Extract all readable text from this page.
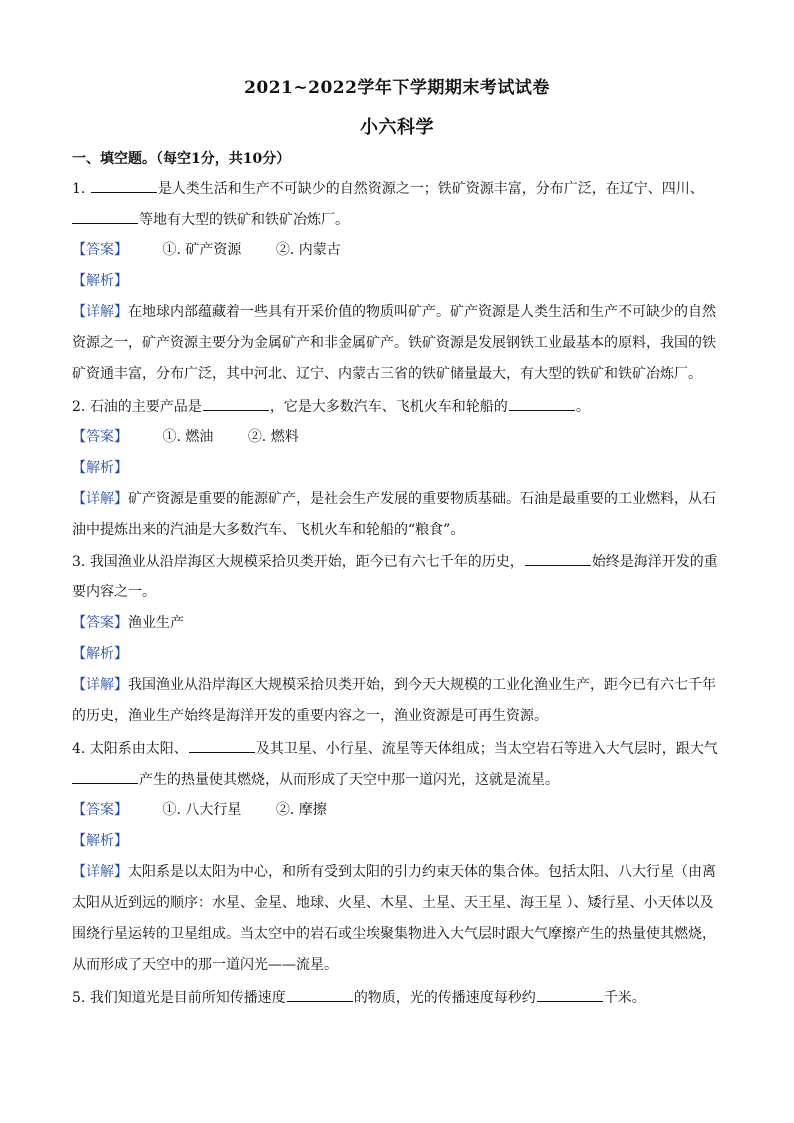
2021~2022学年下学期期末考试试卷
小六科学
一、填空题。（每空1分，共10分）
1.	是人类生活和生产不可缺少的自然资源之一；铁矿资源丰富，分布广泛，在辽宁、四川、
等地有大型的铁矿和铁矿冶炼厂。
【答案】 ①. 矿产资源 ②. 内蒙古
【解析】
【详解】在地球内部蕴藏着一些具有开采价值的物质叫矿产。矿产资源是人类生活和生产不可缺少的自然
资源之一，矿产资源主要分为金属矿产和非金属矿产。铁矿资源是发展钢铁工业最基本的原料，我国的铁
矿资通丰富，分布广泛，其中河北、辽宁、内蒙古三省的铁矿储量最大，有大型的铁矿和铁矿冶炼厂。
2. 石油的主要产品是	，它是大多数汽车、飞机火车和轮船的	。
【答案】 ①. 燃油 ②. 燃料
【解析】
【详解】矿产资源是重要的能源矿产，是社会生产发展的重要物质基础。石油是最重要的工业燃料，从石
油中提炼出来的汽油是大多数汽车、飞机火车和轮船的“粮食”。
3. 我国渔业从沿岸海区大规模采拾贝类开始，距今已有六七千年的历史，	始终是海洋开发的重
要内容之一。
【答案】渔业生产
【解析】
【详解】我国渔业从沿岸海区大规模采拾贝类开始，到今天大规模的工业化渔业生产，距今已有六七千年
的历史，渔业生产始终是海洋开发的重要内容之一，渔业资源是可再生资源。
4. 太阳系由太阳、	及其卫星、小行星、流星等天体组成；当太空岩石等进入大气层时，跟大气
产生的热量使其燃烧，从而形成了天空中那一道闪光，这就是流星。
【答案】 ①. 八大行星 ②. 摩擦
【解析】
【详解】太阳系是以太阳为中心，和所有受到太阳的引力约束天体的集合体。包括太阳、八大行星（由离
太阳从近到远的顺序：水星、金星、地球、火星、木星、土星、天王星、海王星 ）、矮行星、小天体以及
围绕行星运转的卫星组成。当太空中的岩石或尘埃聚集物进入大气层时跟大气摩擦产生的热量使其燃烧，
从而形成了天空中的那一道闪光——流星。
5. 我们知道光是目前所知传播速度	的物质，光的传播速度每秒约	千米。
